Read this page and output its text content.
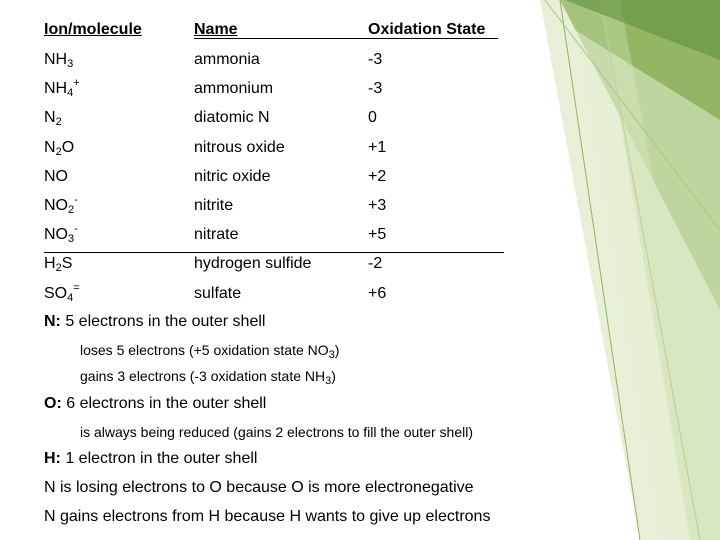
Ion/molecule	Name	Oxidation State
$NH_3$	ammonia	-3
$NH_4^+$	ammonium	-3
$N_2$	diatomic N	0
$N_2O$	nitrous oxide	+1
NO	nitric oxide	+2
$NO_2^-$	nitrite	+3
$NO_3^-$	nitrate	+5
$H_2S$	hydrogen sulfide	-2
$SO_4^=$	sulfate	+6
N: 5 electrons in the outer shell
loses 5 electrons (+5 oxidation state $NO_3$)
gains 3 electrons (-3 oxidation state $NH_3$)
O: 6 electrons in the outer shell
is always being reduced (gains 2 electrons to fill the outer shell)
H: 1 electron in the outer shell
N is losing electrons to O because O is more electronegative
N gains electrons from H because H wants to give up electrons
